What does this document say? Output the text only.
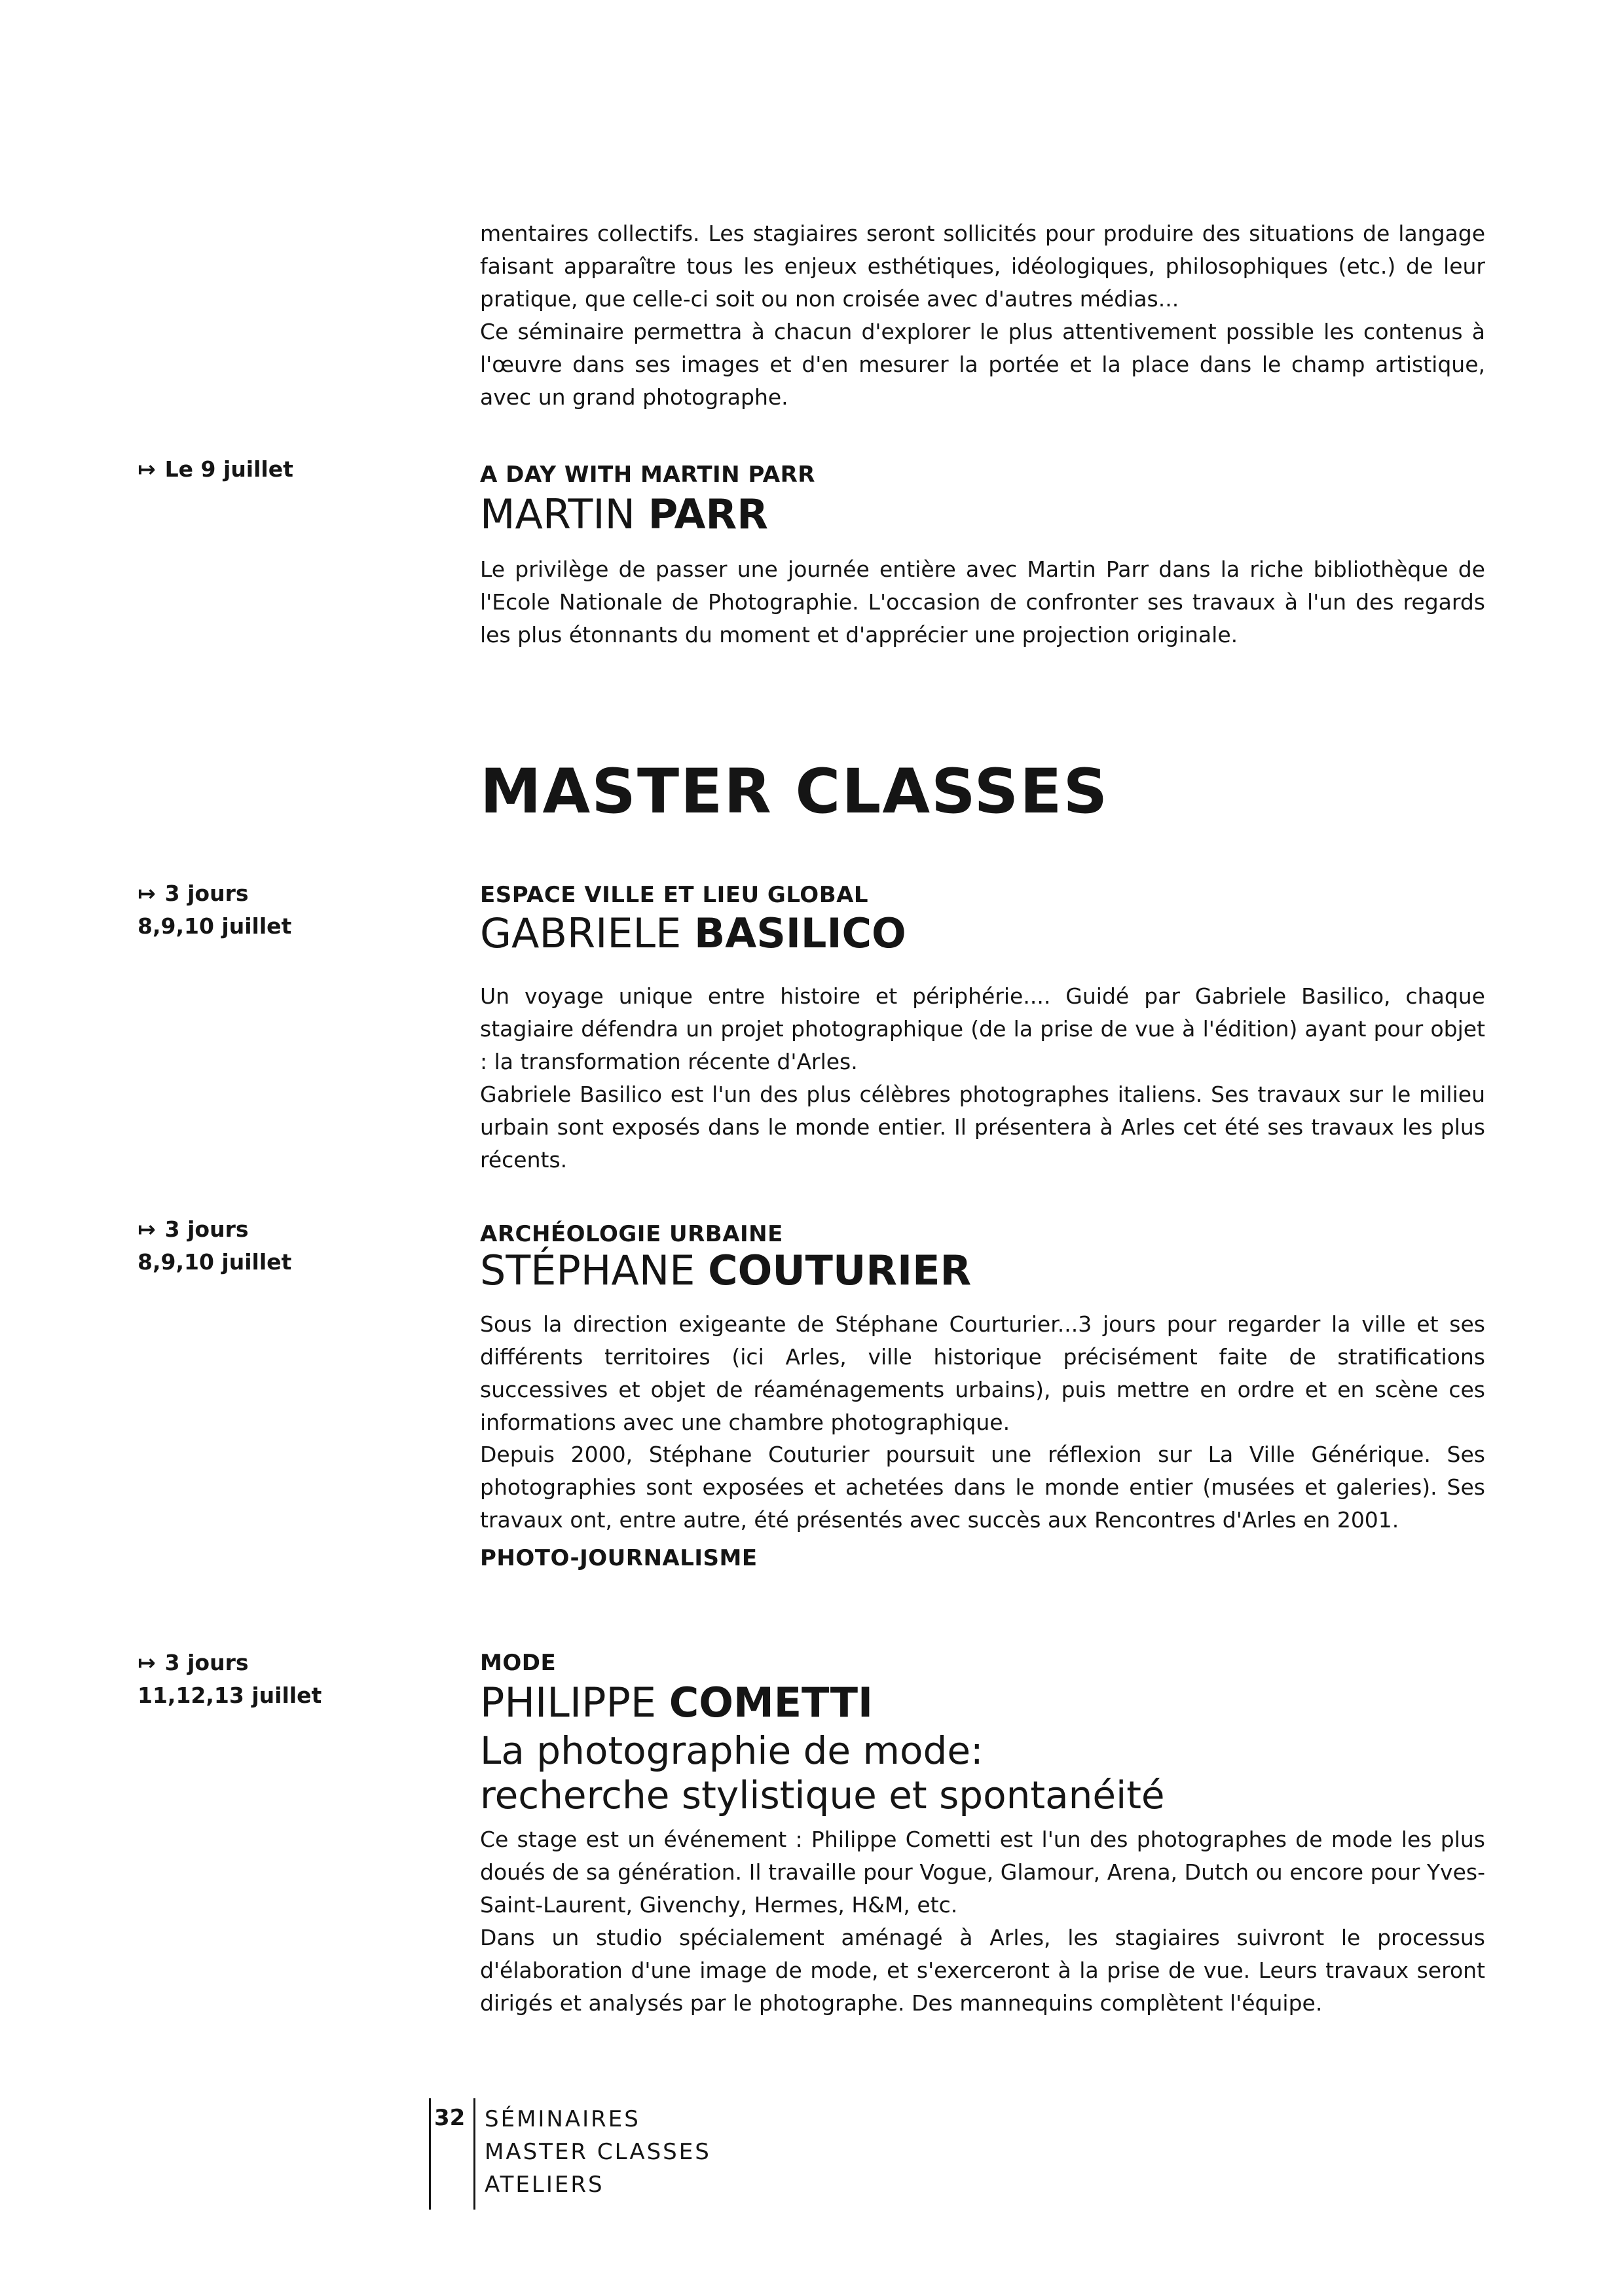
mentaires collectifs. Les stagiaires seront sollicités pour produire des situations de langage faisant apparaître tous les enjeux esthétiques, idéologiques, philosophiques (etc.) de leur pratique, que celle-ci soit ou non croisée avec d'autres médias...

Ce séminaire permettra à chacun d'explorer le plus attentivement possible les contenus à l'œuvre dans ses images et d'en mesurer la portée et la place dans le champ artistique, avec un grand photographe.

↦ Le 9 juillet	A DAY WITH MARTIN PARR
MARTIN PARR

Le privilège de passer une journée entière avec Martin Parr dans la riche bibliothèque de l'Ecole Nationale de Photographie. L'occasion de confronter ses travaux à l'un des regards les plus étonnants du moment et d'apprécier une projection originale.

MASTER CLASSES
↦ 3 jours
8,9,10 juillet
ESPACE VILLE ET LIEU GLOBAL
GABRIELE BASILICO

Un voyage unique entre histoire et périphérie.... Guidé par Gabriele Basilico, chaque stagiaire défendra un projet photographique (de la prise de vue à l'édition) ayant pour objet : la transformation récente d'Arles.

Gabriele Basilico est l'un des plus célèbres photographes italiens. Ses travaux sur le milieu urbain sont exposés dans le monde entier. Il présentera à Arles cet été ses travaux les plus récents.

↦ 3 jours
8,9,10 juillet
ARCHÉOLOGIE URBAINE
STÉPHANE COUTURIER

Sous la direction exigeante de Stéphane Courturier...3 jours pour regarder la ville et ses différents territoires (ici Arles, ville historique précisément faite de stratifications successives et objet de réaménagements urbains), puis mettre en ordre et en scène ces informations avec une chambre photographique.

Depuis 2000, Stéphane Couturier poursuit une réflexion sur La Ville Générique. Ses photographies sont exposées et achetées dans le monde entier (musées et galeries). Ses travaux ont, entre autre, été présentés avec succès aux Rencontres d'Arles en 2001.

PHOTO-JOURNALISME
↦ 3 jours
11,12,13 juillet
MODE
PHILIPPE COMETTI
La photographie de mode:
recherche stylistique et spontanéité

Ce stage est un événement : Philippe Cometti est l'un des photographes de mode les plus doués de sa génération. Il travaille pour Vogue, Glamour, Arena, Dutch ou encore pour Yves-Saint-Laurent, Givenchy, Hermes, H&M, etc.

Dans un studio spécialement aménagé à Arles, les stagiaires suivront le processus d'élaboration d'une image de mode, et s'exerceront à la prise de vue. Leurs travaux seront dirigés et analysés par le photographe. Des mannequins complètent l'équipe.

32 SÉMINAIRES
MASTER CLASSES
ATELIERS
